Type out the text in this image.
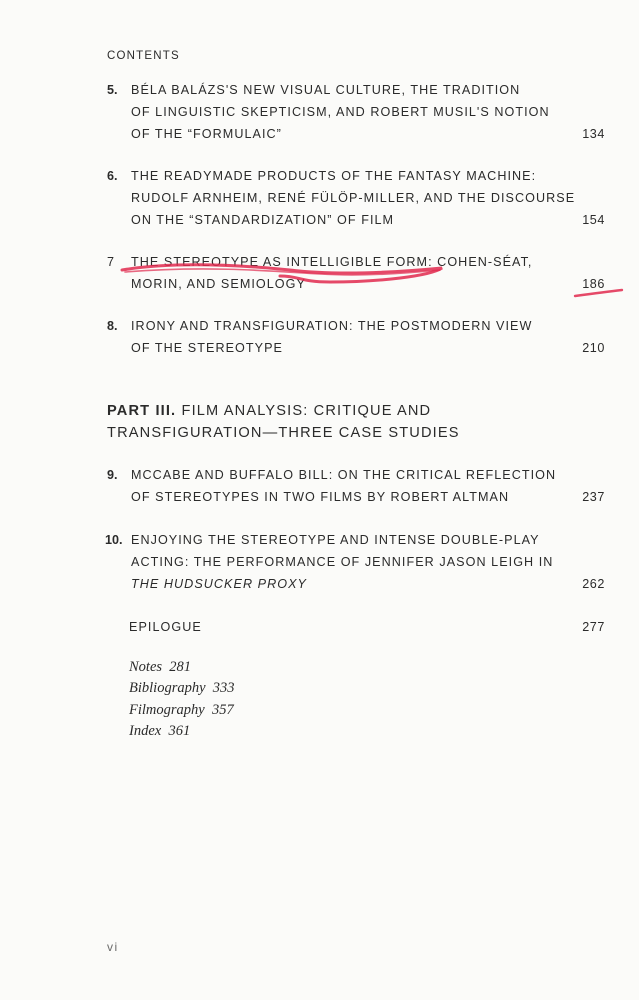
CONTENTS
5. BÉLA BALÁZS'S NEW VISUAL CULTURE, THE TRADITION
OF LINGUISTIC SKEPTICISM, AND ROBERT MUSIL'S NOTION
OF THE “FORMULAIC”	134
6. THE READYMADE PRODUCTS OF THE FANTASY MACHINE:
RUDOLF ARNHEIM, RENÉ FÜLÖP-MILLER, AND THE DISCOURSE
ON THE “STANDARDIZATION” OF FILM	154
7 THE STEREOTYPE AS INTELLIGIBLE FORM: COHEN-SÉAT,
MORIN, AND SEMIOLOGY	186
8. IRONY AND TRANSFIGURATION: THE POSTMODERN VIEW
OF THE STEREOTYPE	210
PART III. FILM ANALYSIS: CRITIQUE AND
TRANSFIGURATION—THREE CASE STUDIES
9. MCCABE AND BUFFALO BILL: ON THE CRITICAL REFLECTION
OF STEREOTYPES IN TWO FILMS BY ROBERT ALTMAN	237
10. ENJOYING THE STEREOTYPE AND INTENSE DOUBLE-PLAY
ACTING: THE PERFORMANCE OF JENNIFER JASON LEIGH IN
THE HUDSUCKER PROXY	262
EPILOGUE	277
Notes 281
Bibliography 333
Filmography 357
Index 361
vi
